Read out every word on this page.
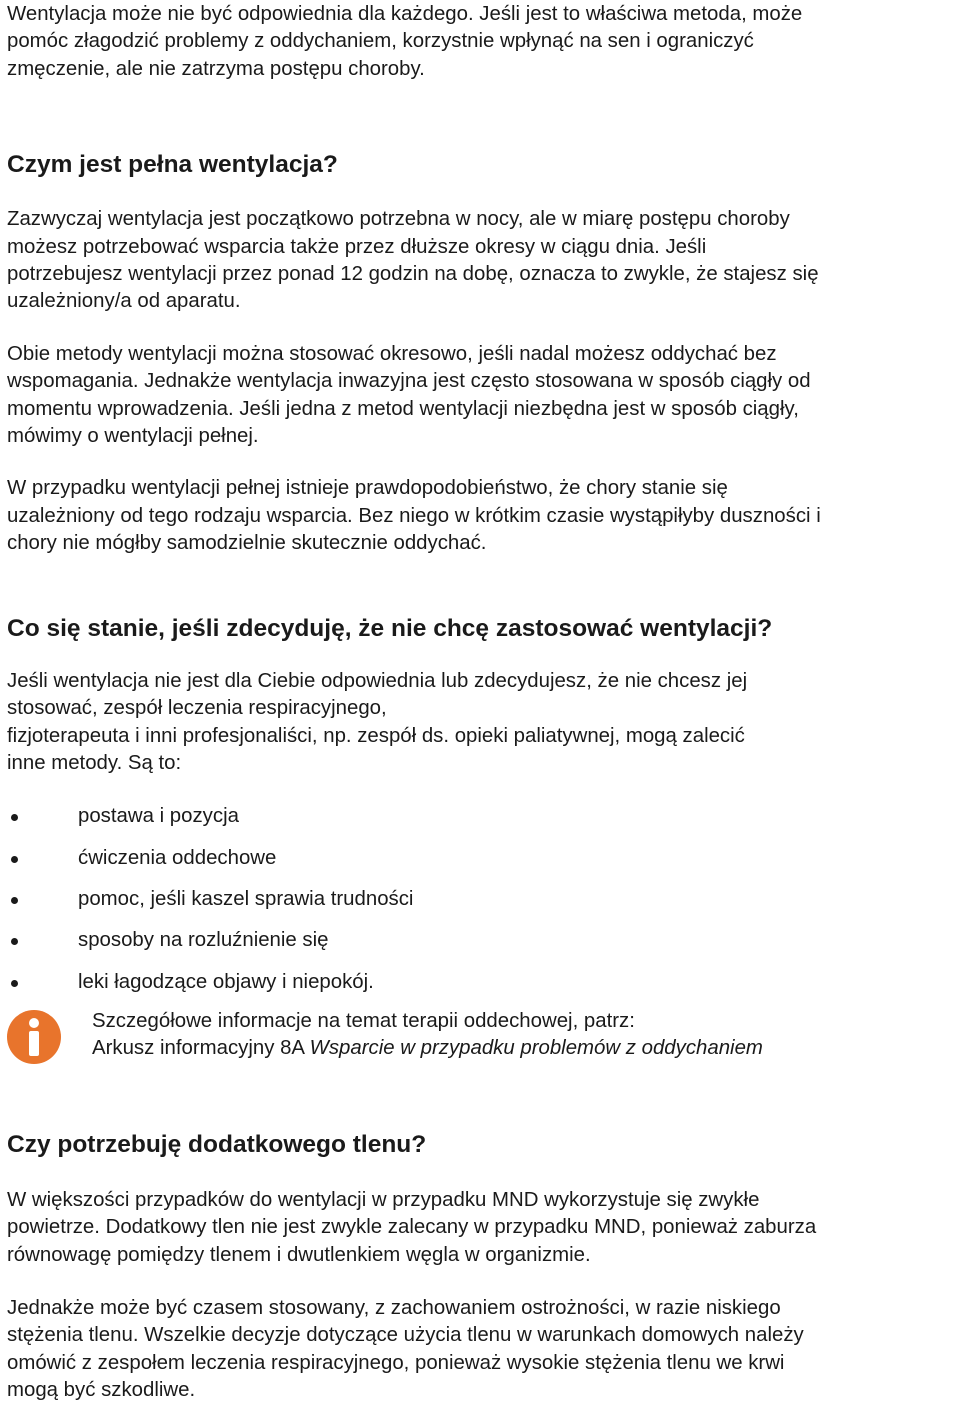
Wentylacja może nie być odpowiednia dla każdego. Jeśli jest to właściwa metoda, może
pomóc złagodzić problemy z oddychaniem, korzystnie wpłynąć na sen i ograniczyć
zmęczenie, ale nie zatrzyma postępu choroby.

Czym jest pełna wentylacja?

Zazwyczaj wentylacja jest początkowo potrzebna w nocy, ale w miarę postępu choroby
możesz potrzebować wsparcia także przez dłuższe okresy w ciągu dnia. Jeśli
potrzebujesz wentylacji przez ponad 12 godzin na dobę, oznacza to zwykle, że stajesz się
uzależniony/a od aparatu.

Obie metody wentylacji można stosować okresowo, jeśli nadal możesz oddychać bez
wspomagania. Jednakże wentylacja inwazyjna jest często stosowana w sposób ciągły od
momentu wprowadzenia. Jeśli jedna z metod wentylacji niezbędna jest w sposób ciągły,
mówimy o wentylacji pełnej.

W przypadku wentylacji pełnej istnieje prawdopodobieństwo, że chory stanie się
uzależniony od tego rodzaju wsparcia. Bez niego w krótkim czasie wystąpiłyby duszności i
chory nie mógłby samodzielnie skutecznie oddychać.

Co się stanie, jeśli zdecyduję, że nie chcę zastosować wentylacji?

Jeśli wentylacja nie jest dla Ciebie odpowiednia lub zdecydujesz, że nie chcesz jej
stosować, zespół leczenia respiracyjnego,
fizjoterapeuta i inni profesjonaliści, np. zespół ds. opieki paliatywnej, mogą zalecić
inne metody. Są to:

postawa i pozycja
ćwiczenia oddechowe
pomoc, jeśli kaszel sprawia trudności
sposoby na rozluźnienie się
leki łagodzące objawy i niepokój.

Szczegółowe informacje na temat terapii oddechowej, patrz:

Arkusz informacyjny 8A Wsparcie w przypadku problemów z oddychaniem

Czy potrzebuję dodatkowego tlenu?

W większości przypadków do wentylacji w przypadku MND wykorzystuje się zwykłe
powietrze. Dodatkowy tlen nie jest zwykle zalecany w przypadku MND, ponieważ zaburza
równowagę pomiędzy tlenem i dwutlenkiem węgla w organizmie.

Jednakże może być czasem stosowany, z zachowaniem ostrożności, w razie niskiego
stężenia tlenu. Wszelkie decyzje dotyczące użycia tlenu w warunkach domowych należy
omówić z zespołem leczenia respiracyjnego, ponieważ wysokie stężenia tlenu we krwi
mogą być szkodliwe.
